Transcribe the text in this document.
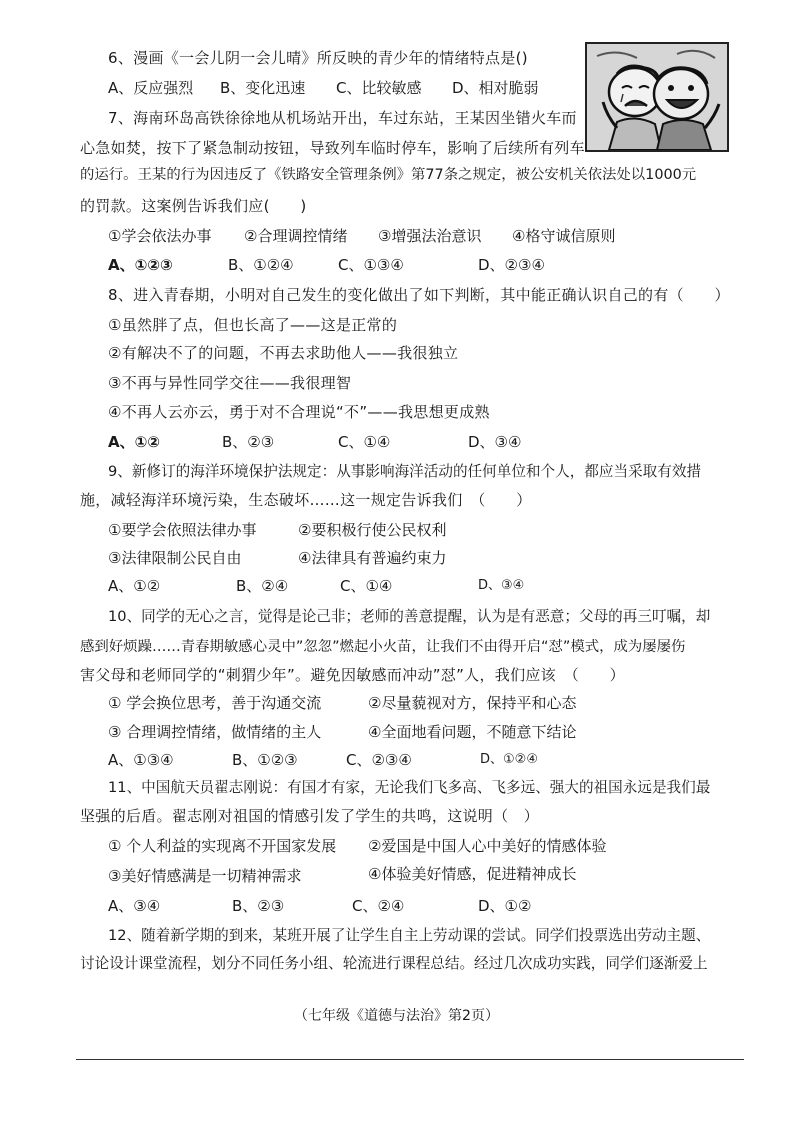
6、漫画《一会儿阴一会儿晴》所反映的青少年的情绪特点是()
A、反应强烈 B、变化迅速 C、比较敏感 D、相对脆弱
7、海南环岛高铁徐徐地从机场站开出，车过东站，王某因坐错火车而
心急如焚，按下了紧急制动按钮，导致列车临时停车，影响了后续所有列车
的运行。王某的行为因违反了《铁路安全管理条例》第77条之规定，被公安机关依法处以1000元
的罚款。这案例告诉我们应(　　)
①学会依法办事 ②合理调控情绪 ③增强法治意识 ④格守诚信原则
A、①②③	B、①②④	C、①③④	D、②③④
8、进入青春期，小明对自己发生的变化做出了如下判断，其中能正确认识自己的有（　　）
①虽然胖了点，但也长高了——这是正常的
②有解决不了的问题，不再去求助他人——我很独立
③不再与异性同学交往——我很理智
④不再人云亦云，勇于对不合理说“不”——我思想更成熟
A、①②	B、②③	C、①④	D、③④
9、新修订的海洋环境保护法规定：从事影响海洋活动的任何单位和个人，都应当采取有效措
施，减轻海洋环境污染，生态破坏……这一规定告诉我们　（　　）
①要学会依照法律办事	②要积极行使公民权利
③法律限制公民自由	④法律具有普遍约束力
A、①②	B、②④	C、①④	D、③④
10、同学的无心之言，觉得是论己非；老师的善意提醒，认为是有恶意；父母的再三叮嘱，却
感到好烦躁……青春期敏感心灵中”忽忽”燃起小火苗，让我们不由得开启“怼”模式，成为屡屡伤
害父母和老师同学的“刺猬少年”。避免因敏感而冲动”怼”人，我们应该　（　　）
① 学会换位思考，善于沟通交流	②尽量藐视对方，保持平和心态
③ 合理调控情绪，做情绪的主人	④全面地看问题，不随意下结论
A、①③④	B、①②③	C、②③④	D、①②④
11、中国航天员翟志刚说：有国才有家，无论我们飞多高、飞多远、强大的祖国永远是我们最
坚强的后盾。翟志刚对祖国的情感引发了学生的共鸣，这说明（　）
① 个人利益的实现离不开国家发展 ②爱国是中国人心中美好的情感体验
③美好情感满是一切精神需求	④体验美好情感，促进精神成长
A、③④	B、②③	C、②④	D、①②
12、随着新学期的到来，某班开展了让学生自主上劳动课的尝试。同学们投票选出劳动主题、
讨论设计课堂流程，划分不同任务小组、轮流进行课程总结。经过几次成功实践，同学们逐渐爱上
（七年级《道德与法治》第2页）
